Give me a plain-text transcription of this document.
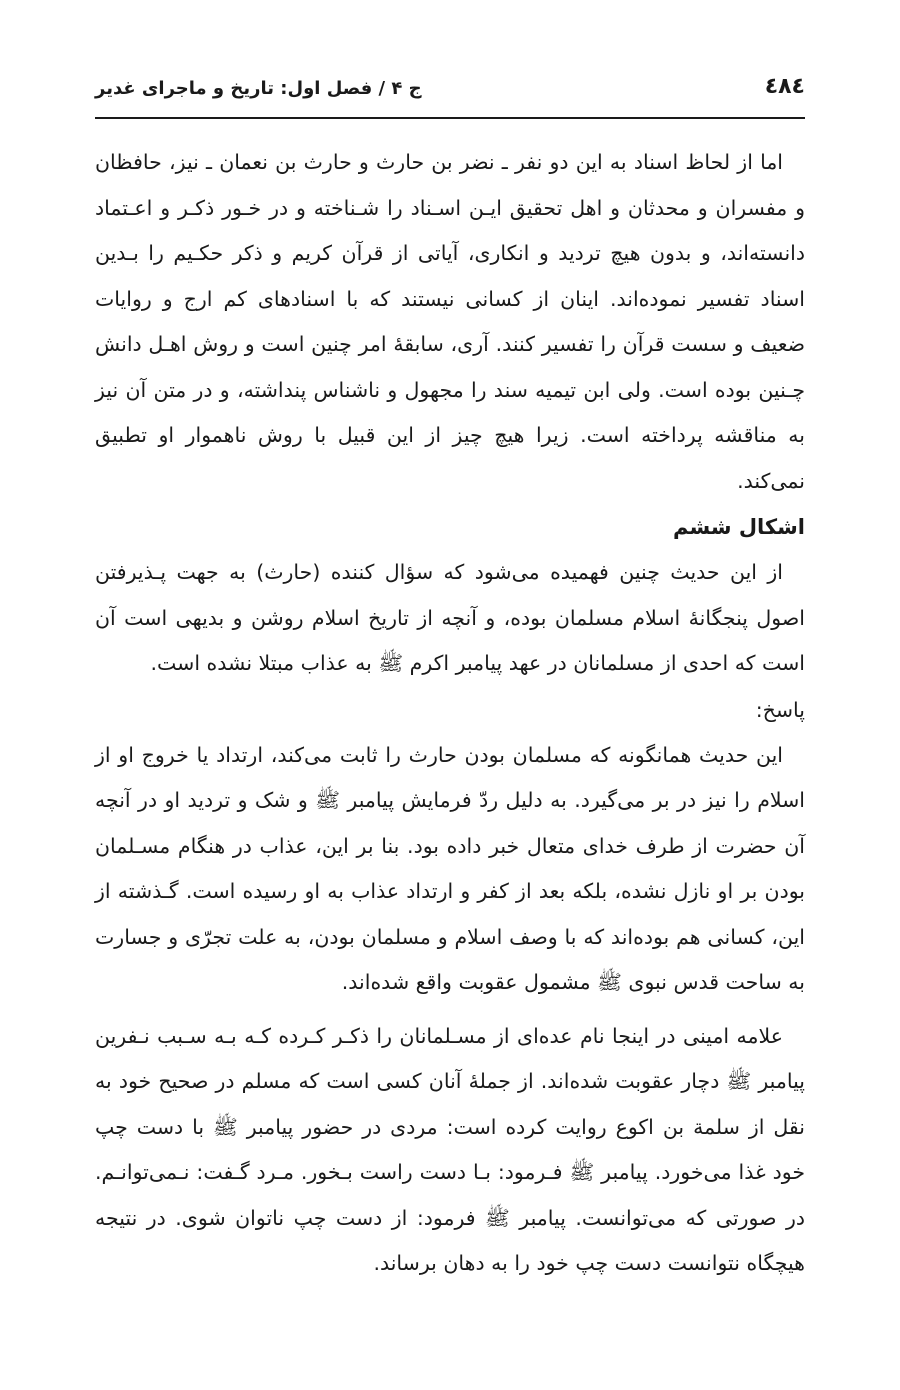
٤٨٤
ج ۴ / فصل اول: تاریخ و ماجرای غدیر

اما از لحاظ اسناد به این دو نفر ـ نضر بن حارث و حارث بن نعمان ـ نیز، حافظان و مفسران و محدثان و اهل تحقیق ایـن اسـناد را شـناخته و در خـور ذکـر و اعـتماد دانسته‌اند، و بدون هیچ تردید و انکاری، آیاتی از قرآن کریم و ذکر حکـیم را بـدین اسناد تفسیر نموده‌اند. اینان از کسانی نیستند که با اسنادهای کم ارج و روایات ضعیف و سست قرآن را تفسیر کنند. آری، سابقهٔ امر چنین است و روش اهـل دانش چـنین بوده است. ولی ابن تیمیه سند را مجهول و ناشناس پنداشته، و در متن آن نیز به مناقشه پرداخته است. زیرا هیچ چیز از این قبیل با روش ناهموار او تطبیق نمی‌کند.

اشکال ششم

از این حدیث چنین فهمیده می‌شود که سؤال کننده (حارث) به جهت پـذیرفتن اصول پنجگانهٔ اسلام مسلمان بوده، و آنچه از تاریخ اسلام روشن و بدیهی است آن است که احدی از مسلمانان در عهد پیامبر اکرم ﷺ به عذاب مبتلا نشده است.

پاسخ:

این حدیث همانگونه که مسلمان بودن حارث را ثابت می‌کند، ارتداد یا خروج او از اسلام را نیز در بر می‌گیرد. به دلیل ردّ فرمایش پیامبر ﷺ و شک و تردید او در آنچه آن حضرت از طرف خدای متعال خبر داده بود. بنا بر این، عذاب در هنگام مسـلمان بودن بر او نازل نشده، بلکه بعد از کفر و ارتداد عذاب به او رسیده است. گـذشته از این، کسانی هم بوده‌اند که با وصف اسلام و مسلمان بودن، به علت تجرّی و جسارت به ساحت قدس نبوی ﷺ مشمول عقوبت واقع شده‌اند.

علامه امینی در اینجا نام عده‌ای از مسـلمانان را ذکـر کـرده کـه بـه سـبب نـفرین پیامبر ﷺ دچار عقوبت شده‌اند. از جملهٔ آنان کسی است که مسلم در صحیح خود به نقل از سلمة بن اکوع روایت کرده است: مردی در حضور پیامبر ﷺ با دست چپ خود غذا می‌خورد. پیامبر ﷺ فـرمود: بـا دست راست بـخور. مـرد گـفت: نـمی‌توانـم. در صورتی که می‌توانست. پیامبر ﷺ فرمود: از دست چپ ناتوان شوی. در نتیجه هیچگاه نتوانست دست چپ خود را به دهان برساند.
